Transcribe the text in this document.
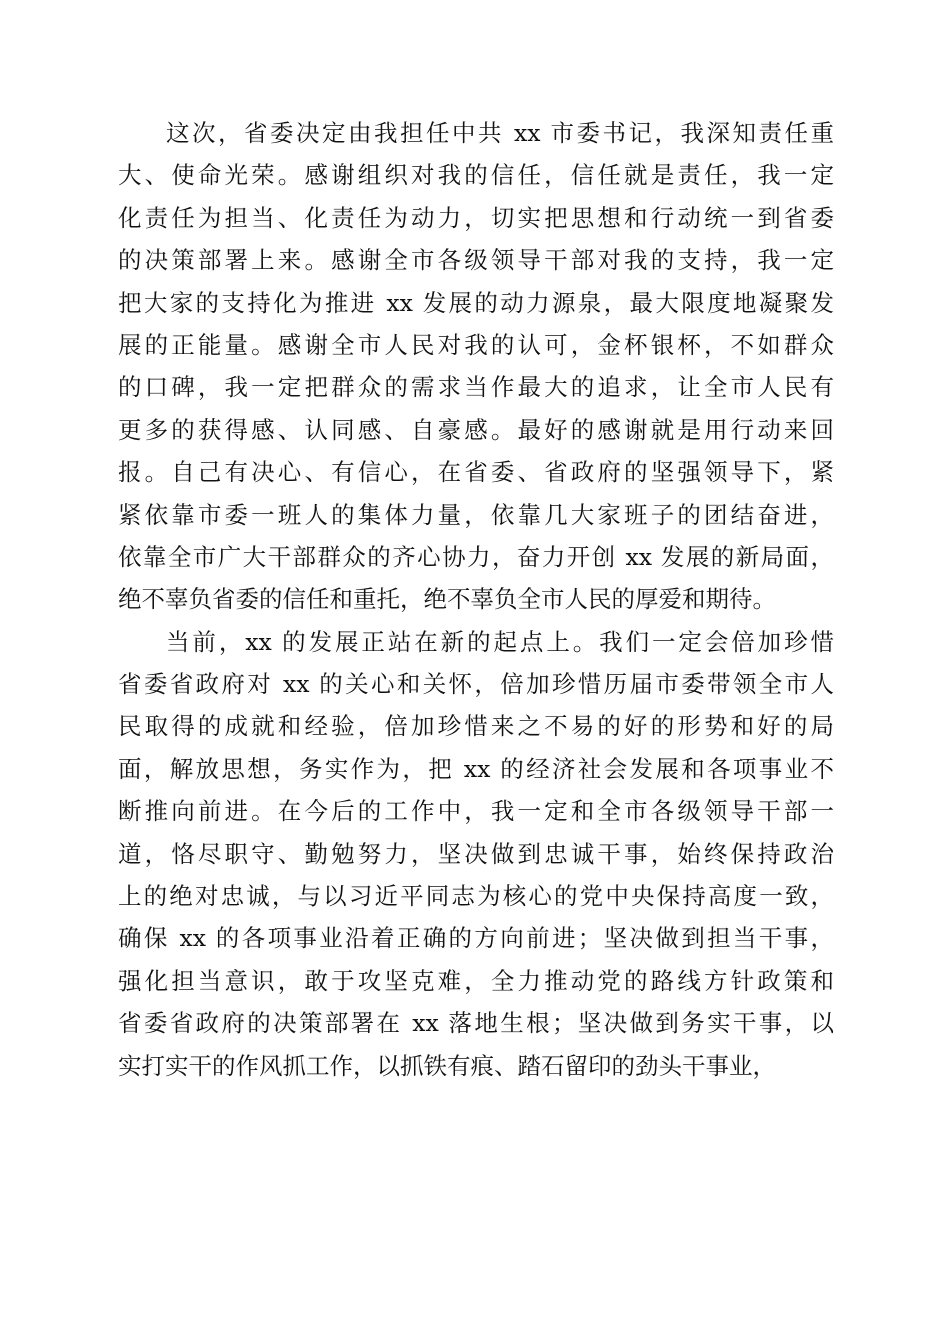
这次，省委决定由我担任中共 xx 市委书记，我深知责任重
大、使命光荣。感谢组织对我的信任，信任就是责任，我一定
化责任为担当、化责任为动力，切实把思想和行动统一到省委
的决策部署上来。感谢全市各级领导干部对我的支持，我一定
把大家的支持化为推进 xx 发展的动力源泉，最大限度地凝聚发
展的正能量。感谢全市人民对我的认可，金杯银杯，不如群众
的口碑，我一定把群众的需求当作最大的追求，让全市人民有
更多的获得感、认同感、自豪感。最好的感谢就是用行动来回
报。自己有决心、有信心，在省委、省政府的坚强领导下，紧
紧依靠市委一班人的集体力量，依靠几大家班子的团结奋进，
依靠全市广大干部群众的齐心协力，奋力开创 xx 发展的新局面，
绝不辜负省委的信任和重托，绝不辜负全市人民的厚爱和期待。
当前，xx 的发展正站在新的起点上。我们一定会倍加珍惜
省委省政府对 xx 的关心和关怀，倍加珍惜历届市委带领全市人
民取得的成就和经验，倍加珍惜来之不易的好的形势和好的局
面，解放思想，务实作为，把 xx 的经济社会发展和各项事业不
断推向前进。在今后的工作中，我一定和全市各级领导干部一
道，恪尽职守、勤勉努力，坚决做到忠诚干事，始终保持政治
上的绝对忠诚，与以习近平同志为核心的党中央保持高度一致，
确保 xx 的各项事业沿着正确的方向前进；坚决做到担当干事，
强化担当意识，敢于攻坚克难，全力推动党的路线方针政策和
省委省政府的决策部署在 xx 落地生根；坚决做到务实干事，以
实打实干的作风抓工作，以抓铁有痕、踏石留印的劲头干事业，
